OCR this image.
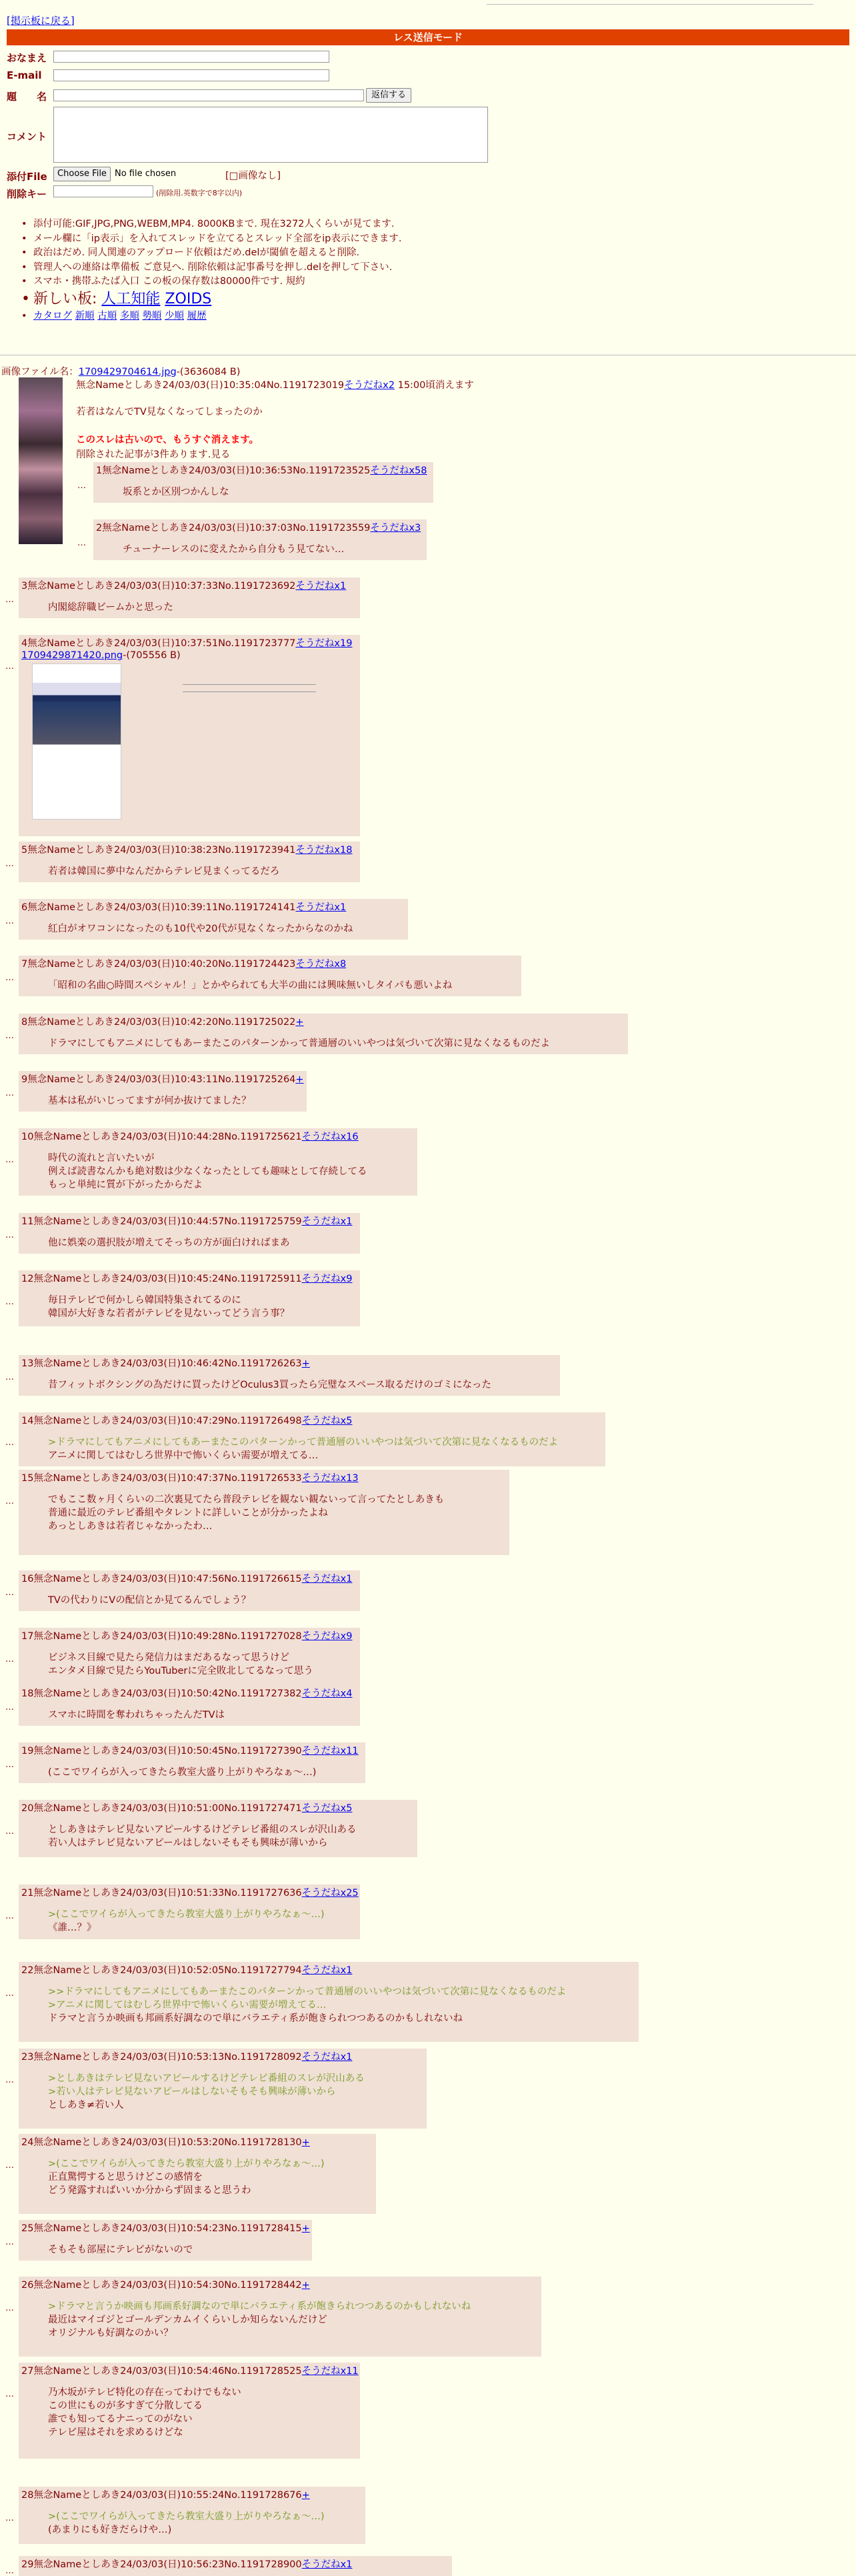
[掲示板に戻る]
レス送信モード
おなまえ
E-mail
題　　名	返信する
コメント
添付File	Choose File No file chosen	[□画像なし]
削除キー	(削除用.英数字で8字以内)
• 添付可能:GIF,JPG,PNG,WEBM,MP4. 8000KBまで. 現在3272人くらいが見てます.
• メール欄に「ip表示」を入れてスレッドを立てるとスレッド全部をip表示にできます.
• 政治はだめ. 同人関連のアップロード依頼はだめ.delが閾値を超えると削除.
• 管理人への連絡は準備板 ご意見へ. 削除依頼は記事番号を押し.delを押して下さい.
• スマホ・携帯ふたば入口 この板の保存数は80000件です. 規約
• 新しい板: 人工知能 ZOIDS
• カタログ 新順 古順 多順 勢順 少順 履歴
画像ファイル名：1709429704614.jpg-(3636084 B)
無念Nameとしあき24/03/03(日)10:35:04No.1191723019そうだねx2 15:00頃消えます
若者はなんでTV見なくなってしまったのか
このスレは古いので、もうすぐ消えます。
削除された記事が3件あります.見る
…
1無念Nameとしあき24/03/03(日)10:36:53No.1191723525そうだねx58
坂系とか区別つかんしな
…
2無念Nameとしあき24/03/03(日)10:37:03No.1191723559そうだねx3
チューナーレスのに変えたから自分もう見てない…
…
3無念Nameとしあき24/03/03(日)10:37:33No.1191723692そうだねx1
内閣総辞職ビームかと思った
…
4無念Nameとしあき24/03/03(日)10:37:51No.1191723777そうだねx19
1709429871420.png-(705556 B)
…
5無念Nameとしあき24/03/03(日)10:38:23No.1191723941そうだねx18
若者は韓国に夢中なんだからテレビ見まくってるだろ
…
6無念Nameとしあき24/03/03(日)10:39:11No.1191724141そうだねx1
紅白がオワコンになったのも10代や20代が見なくなったからなのかね
…
7無念Nameとしあき24/03/03(日)10:40:20No.1191724423そうだねx8
「昭和の名曲○時間スペシャル！」とかやられても大半の曲には興味無いしタイパも悪いよね
…
8無念Nameとしあき24/03/03(日)10:42:20No.1191725022+
ドラマにしてもアニメにしてもあーまたこのパターンかって普通層のいいやつは気づいて次第に見なくなるものだよ
…
9無念Nameとしあき24/03/03(日)10:43:11No.1191725264+
基本は私がいじってますが何か抜けてました？
…
10無念Nameとしあき24/03/03(日)10:44:28No.1191725621そうだねx16
時代の流れと言いたいが
例えば読書なんかも絶対数は少なくなったとしても趣味として存続してる
もっと単純に質が下がったからだよ
…
11無念Nameとしあき24/03/03(日)10:44:57No.1191725759そうだねx1
他に娯楽の選択肢が増えてそっちの方が面白ければまあ
…
12無念Nameとしあき24/03/03(日)10:45:24No.1191725911そうだねx9
毎日テレビで何かしら韓国特集されてるのに
韓国が大好きな若者がテレビを見ないってどう言う事？
…
13無念Nameとしあき24/03/03(日)10:46:42No.1191726263+
昔フィットボクシングの為だけに買ったけどOculus3買ったら完璧なスペース取るだけのゴミになった
…
14無念Nameとしあき24/03/03(日)10:47:29No.1191726498そうだねx5
>ドラマにしてもアニメにしてもあーまたこのパターンかって普通層のいいやつは気づいて次第に見なくなるものだよ
アニメに関してはむしろ世界中で怖いくらい需要が増えてる…
…
15無念Nameとしあき24/03/03(日)10:47:37No.1191726533そうだねx13
でもここ数ヶ月くらいの二次裏見てたら普段テレビを観ない観ないって言ってたとしあきも
普通に最近のテレビ番組やタレントに詳しいことが分かったよね
あっとしあきは若者じゃなかったわ…
…
16無念Nameとしあき24/03/03(日)10:47:56No.1191726615そうだねx1
TVの代わりにVの配信とか見てるんでしょう？
…
17無念Nameとしあき24/03/03(日)10:49:28No.1191727028そうだねx9
ビジネス目線で見たら発信力はまだあるなって思うけど
エンタメ目線で見たらYouTuberに完全敗北してるなって思う
…
18無念Nameとしあき24/03/03(日)10:50:42No.1191727382そうだねx4
スマホに時間を奪われちゃったんだTVは
…
19無念Nameとしあき24/03/03(日)10:50:45No.1191727390そうだねx11
(ここでワイらが入ってきたら教室大盛り上がりやろなぁ〜…)
…
20無念Nameとしあき24/03/03(日)10:51:00No.1191727471そうだねx5
としあきはテレビ見ないアピールするけどテレビ番組のスレが沢山ある
若い人はテレビ見ないアピールはしないそもそも興味が薄いから
…
21無念Nameとしあき24/03/03(日)10:51:33No.1191727636そうだねx25
>(ここでワイらが入ってきたら教室大盛り上がりやろなぁ〜…)
《誰…？》
…
22無念Nameとしあき24/03/03(日)10:52:05No.1191727794そうだねx1
>>ドラマにしてもアニメにしてもあーまたこのパターンかって普通層のいいやつは気づいて次第に見なくなるものだよ
>アニメに関してはむしろ世界中で怖いくらい需要が増えてる…
ドラマと言うか映画も邦画系好調なので単にバラエティ系が飽きられつつあるのかもしれないね
…
23無念Nameとしあき24/03/03(日)10:53:13No.1191728092そうだねx1
>としあきはテレビ見ないアピールするけどテレビ番組のスレが沢山ある
>若い人はテレビ見ないアピールはしないそもそも興味が薄いから
としあき≠若い人
…
24無念Nameとしあき24/03/03(日)10:53:20No.1191728130+
>(ここでワイらが入ってきたら教室大盛り上がりやろなぁ〜…)
正直驚愕すると思うけどこの感情を
どう発露すればいいか分からず固まると思うわ
…
25無念Nameとしあき24/03/03(日)10:54:23No.1191728415+
そもそも部屋にテレビがないので
…
26無念Nameとしあき24/03/03(日)10:54:30No.1191728442+
>ドラマと言うか映画も邦画系好調なので単にバラエティ系が飽きられつつあるのかもしれないね
最近はマイゴジとゴールデンカムイくらいしか知らないんだけど
オリジナルも好調なのかい？
…
27無念Nameとしあき24/03/03(日)10:54:46No.1191728525そうだねx11
乃木坂がテレビ特化の存在ってわけでもない
この世にものが多すぎて分散してる
誰でも知ってるナニってのがない
テレビ屋はそれを求めるけどな
…
28無念Nameとしあき24/03/03(日)10:55:24No.1191728676+
>(ここでワイらが入ってきたら教室大盛り上がりやろなぁ〜…)
(あまりにも好きだらけや…)
…
29無念Nameとしあき24/03/03(日)10:56:23No.1191728900そうだねx1
